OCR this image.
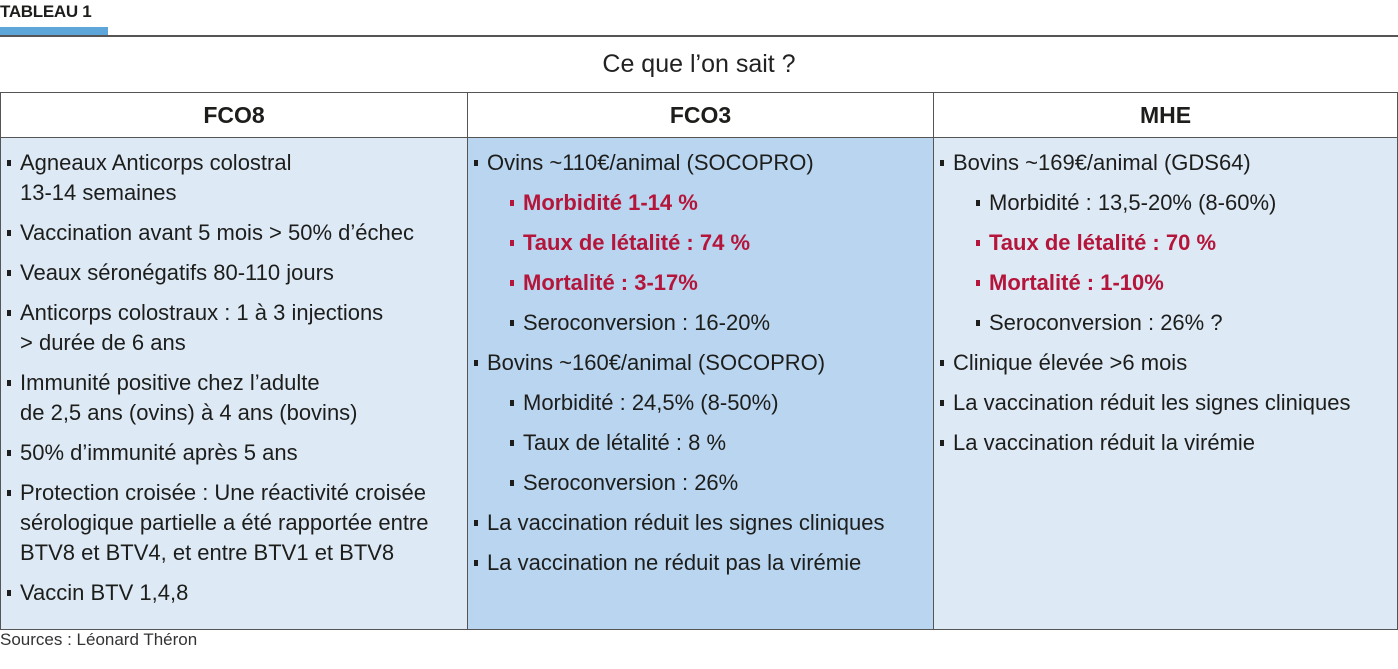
TABLEAU 1
Ce que l’on sait ?
FCO8
Agneaux Anticorps colostral
13-14 semaines
Vaccination avant 5 mois > 50% d’échec
Veaux séronégatifs 80-110 jours
Anticorps colostraux : 1 à 3 injections
> durée de 6 ans
Immunité positive chez l’adulte
de 2,5 ans (ovins) à 4 ans (bovins)
50% d’immunité après 5 ans
Protection croisée : Une réactivité croisée
sérologique partielle a été rapportée entre
BTV8 et BTV4, et entre BTV1 et BTV8
Vaccin BTV 1,4,8
FCO3
Ovins ~110€/animal (SOCOPRO)
Morbidité 1-14 %
Taux de létalité : 74 %
Mortalité : 3-17%
Seroconversion : 16-20%
Bovins ~160€/animal (SOCOPRO)
Morbidité : 24,5% (8-50%)
Taux de létalité : 8 %
Seroconversion : 26%
La vaccination réduit les signes cliniques
La vaccination ne réduit pas la virémie
MHE
Bovins ~169€/animal (GDS64)
Morbidité : 13,5-20% (8-60%)
Taux de létalité : 70 %
Mortalité : 1-10%
Seroconversion : 26% ?
Clinique élevée >6 mois
La vaccination réduit les signes cliniques
La vaccination réduit la virémie
Sources : Léonard Théron
